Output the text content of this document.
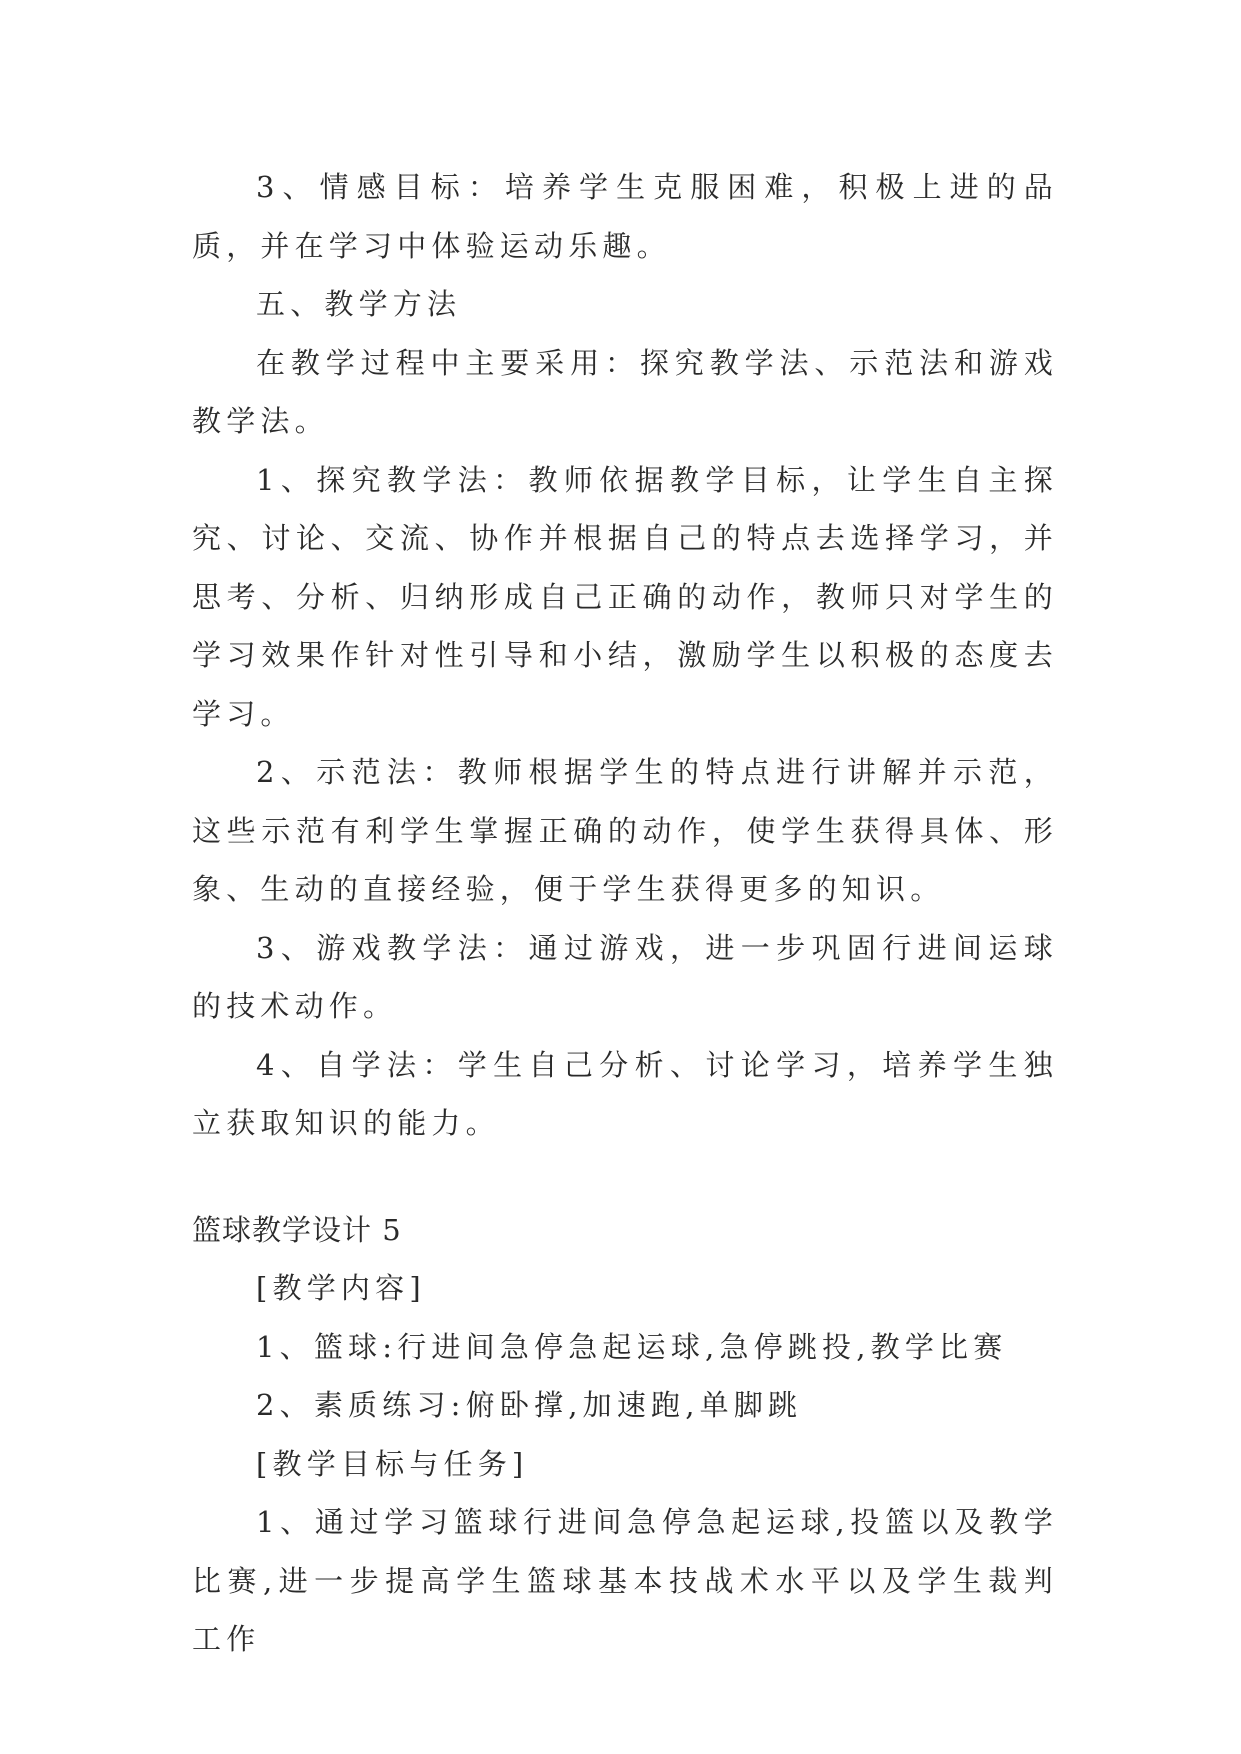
3、情感目标：培养学生克服困难，积极上进的品质，并在学习中体验运动乐趣。

五、教学方法

在教学过程中主要采用：探究教学法、示范法和游戏教学法。

1、探究教学法：教师依据教学目标，让学生自主探究、讨论、交流、协作并根据自己的特点去选择学习，并思考、分析、归纳形成自己正确的动作，教师只对学生的学习效果作针对性引导和小结，激励学生以积极的态度去学习。

2、示范法：教师根据学生的特点进行讲解并示范，这些示范有利学生掌握正确的动作，使学生获得具体、形象、生动的直接经验，便于学生获得更多的知识。

3、游戏教学法：通过游戏，进一步巩固行进间运球的技术动作。

4、自学法：学生自己分析、讨论学习，培养学生独立获取知识的能力。

篮球教学设计 5

[教学内容]

1、篮球:行进间急停急起运球,急停跳投,教学比赛

2、素质练习:俯卧撑,加速跑,单脚跳

[教学目标与任务]

1、通过学习篮球行进间急停急起运球,投篮以及教学比赛,进一步提高学生篮球基本技战术水平以及学生裁判工作
